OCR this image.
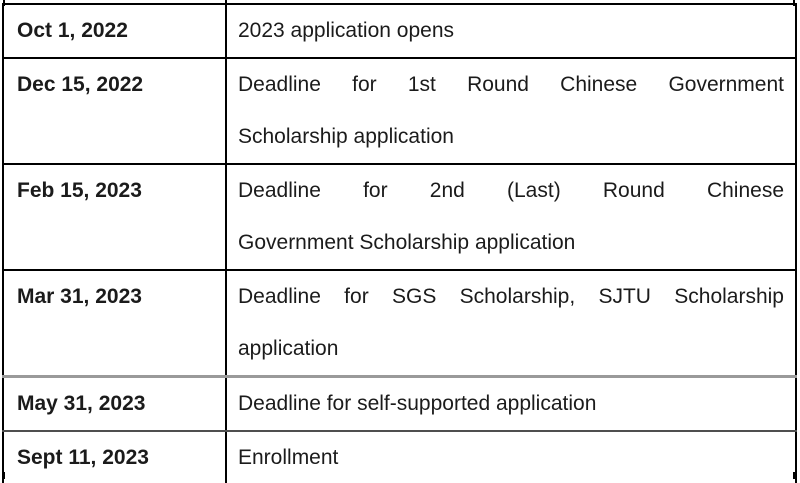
Oct 1, 2022	2023 application opens

Dec 15, 2022	Deadline for 1st Round Chinese Government
Scholarship application

Feb 15, 2023	Deadline for 2nd (Last) Round Chinese
Government Scholarship application

Mar 31, 2023	Deadline for SGS Scholarship, SJTU Scholarship
application

May 31, 2023	Deadline for self-supported application

Sept 11, 2023	Enrollment
